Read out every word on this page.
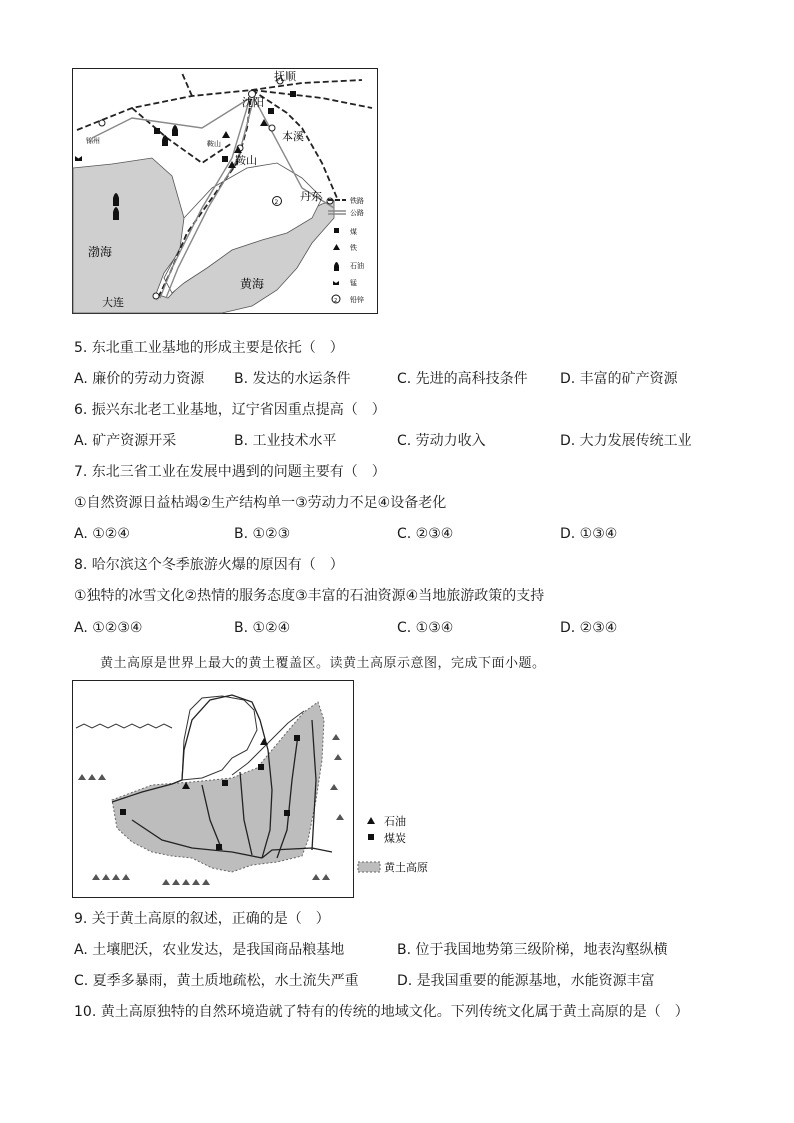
2
抚顺
沈阳
本溪
鞍山
鞍山
锦州
丹东
渤海
黄海
大连
铁路
公路
煤
铁
石油
锰
2 铅锌
5. 东北重工业基地的形成主要是依托（　）
A. 廉价的劳动力资源 B. 发达的水运条件	C. 先进的高科技条件 D. 丰富的矿产资源
6. 振兴东北老工业基地，辽宁省因重点提高（　）
A. 矿产资源开采	B. 工业技术水平	C. 劳动力收入	D. 大力发展传统工业
7. 东北三省工业在发展中遇到的问题主要有（　）
①自然资源日益枯竭②生产结构单一③劳动力不足④设备老化
A. ①②④	B. ①②③	C. ②③④	D. ①③④
8. 哈尔滨这个冬季旅游火爆的原因有（　）
①独特的冰雪文化②热情的服务态度③丰富的石油资源④当地旅游政策的支持
A. ①②③④	B. ①②④	C. ①③④	D. ②③④
黄土高原是世界上最大的黄土覆盖区。读黄土高原示意图，完成下面小题。
石油
煤炭
黄土高原
9. 关于黄土高原的叙述，正确的是（　）
A. 土壤肥沃，农业发达，是我国商品粮基地	B. 位于我国地势第三级阶梯，地表沟壑纵横
C. 夏季多暴雨，黄土质地疏松，水土流失严重	D. 是我国重要的能源基地，水能资源丰富
10. 黄土高原独特的自然环境造就了特有的传统的地域文化。下列传统文化属于黄土高原的是（　）
